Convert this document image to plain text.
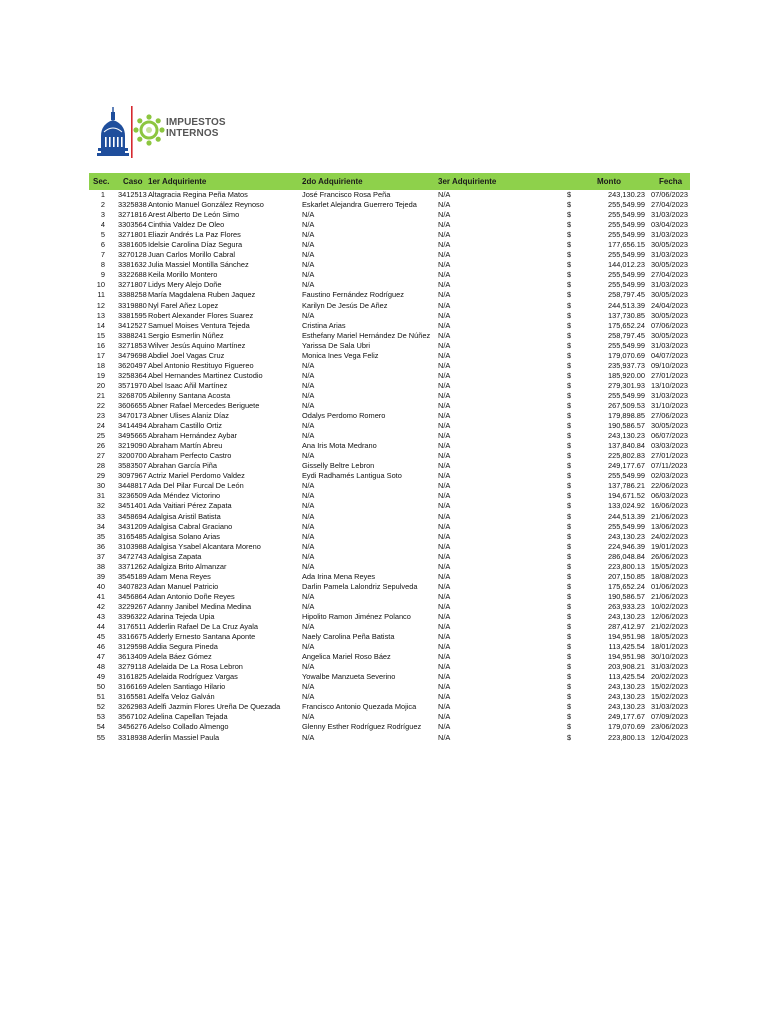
IMPUESTOS
INTERNOS
Sec. Caso 1er Adquiriente	2do Adquiriente	3er Adquiriente	Monto	Fecha
1 3412513 Altagracia Regina Peña Matos	José Francisco Rosa Peña	N/A	$	243,130.23 07/06/2023
2 3325838 Antonio Manuel González Reynoso	Eskarlet Alejandra Guerrero Tejeda	N/A	$	255,549.99 27/04/2023
3 3271816 Arest Alberto De León Simo	N/A	N/A	$	255,549.99 31/03/2023
4 3303564 Cinthia Valdez De Oleo	N/A	N/A	$	255,549.99 03/04/2023
5 3271801 Eliazir Andrés La Paz Flores	N/A	N/A	$	255,549.99 31/03/2023
6 3381605 Idelsie Carolina Díaz Segura	N/A	N/A	$	177,656.15 30/05/2023
7 3270128 Juan Carlos Morillo Cabral	N/A	N/A	$	255,549.99 31/03/2023
8 3381632 Julia Massiel Montilla Sánchez	N/A	N/A	$	144,012.23 30/05/2023
9 3322688 Keila Morillo Montero	N/A	N/A	$	255,549.99 27/04/2023
10 3271807 Lidys Mery Alejo Doñe	N/A	N/A	$	255,549.99 31/03/2023
11 3388258 María Magdalena Ruben Jaquez	Faustino Fernández Rodríguez	N/A	$	258,797.45 30/05/2023
12 3319880 Nyl Farel Añez Lopez	Karilyn De Jesús De Añez	N/A	$	244,513.39 24/04/2023
13 3381595 Robert Alexander Flores Suarez	N/A	N/A	$	137,730.85 30/05/2023
14 3412527 Samuel Moises Ventura Tejeda	Cristina Arias	N/A	$	175,652.24 07/06/2023
15 3388241 Sergio Esmerlin Núñez	Esthefany Mariel Hernández De Núñez	N/A	$	258,797.45 30/05/2023
16 3271853 Wilver Jesús Aquino Martínez	Yarissa De Sala Ubri	N/A	$	255,549.99 31/03/2023
17 3479698 Abdiel Joel Vagas Cruz	Monica Ines Vega Feliz	N/A	$	179,070.69 04/07/2023
18 3620497 Abel Antonio Restituyo Figuereo	N/A	N/A	$	235,937.73 09/10/2023
19 3258364 Abel Hernandes Martinez Custodio	N/A	N/A	$	185,920.00 27/01/2023
20 3571970 Abel Isaac Añil Martínez	N/A	N/A	$	279,301.93 13/10/2023
21 3268705 Abilenny Santana Acosta	N/A	N/A	$	255,549.99 31/03/2023
22 3606655 Abner Rafael Mercedes Beriguete	N/A	N/A	$	267,509.53 31/10/2023
23 3470173 Abner Ulises Alaniz Díaz	Odalys Perdomo Romero	N/A	$	179,898.85 27/06/2023
24 3414494 Abraham Castillo Ortiz	N/A	N/A	$	190,586.57 30/05/2023
25 3495665 Abraham Hernández Aybar	N/A	N/A	$	243,130.23 06/07/2023
26 3219090 Abraham Martín Abreu	Ana Iris Mota Medrano	N/A	$	137,840.84 03/03/2023
27 3200700 Abraham Perfecto Castro	N/A	N/A	$	225,802.83 27/01/2023
28 3583507 Abrahan García Piña	Gisselly Beltre Lebron	N/A	$	249,177.67 07/11/2023
29 3097967 Actriz Mariel Perdomo Valdez	Eydi Radhamés Lantigua Soto	N/A	$	255,549.99 02/03/2023
30 3448817 Ada Del Pilar Furcal De León	N/A	N/A	$	137,786.21 22/06/2023
31 3236509 Ada Méndez Victorino	N/A	N/A	$	194,671.52 06/03/2023
32 3451401 Ada Vaitiari Pérez Zapata	N/A	N/A	$	133,024.92 16/06/2023
33 3458694 Adalgisa Aristil Batista	N/A	N/A	$	244,513.39 21/06/2023
34 3431209 Adalgisa Cabral Graciano	N/A	N/A	$	255,549.99 13/06/2023
35 3165485 Adalgisa Solano Arias	N/A	N/A	$	243,130.23 24/02/2023
36 3103988 Adalgisa Ysabel Alcantara Moreno	N/A	N/A	$	224,946.39 19/01/2023
37 3472743 Adalgisa Zapata	N/A	N/A	$	286,048.84 26/06/2023
38 3371262 Adalgiza Brito Almanzar	N/A	N/A	$	223,800.13 15/05/2023
39 3545189 Adam Mena Reyes	Ada Irina Mena Reyes	N/A	$	207,150.85 18/08/2023
40 3407823 Adan Manuel Patricio	Darlin Pamela Lalondriz Sepulveda	N/A	$	175,652.24 01/06/2023
41 3456864 Adan Antonio Doñe Reyes	N/A	N/A	$	190,586.57 21/06/2023
42 3229267 Adanny Janibel Medina Medina	N/A	N/A	$	263,933.23 10/02/2023
43 3396322 Adarina Tejeda Upia	Hipolito Ramon Jiménez Polanco	N/A	$	243,130.23 12/06/2023
44 3176511 Adderlin Rafael De La Cruz Ayala	N/A	N/A	$	287,412.97 21/02/2023
45 3316675 Adderly Ernesto Santana Aponte	Naely Carolina Peña Batista	N/A	$	194,951.98 18/05/2023
46 3129598 Addia Segura Pineda	N/A	N/A	$	113,425.54 18/01/2023
47 3613409 Adela Báez Gómez	Angelica Mariel Roso Báez	N/A	$	194,951.98 30/10/2023
48 3279118 Adelaida De La Rosa Lebron	N/A	N/A	$	203,908.21 31/03/2023
49 3161825 Adelaida Rodríguez Vargas	Yowalbe Manzueta Severino	N/A	$	113,425.54 20/02/2023
50 3166169 Adelen Santiago Hilario	N/A	N/A	$	243,130.23 15/02/2023
51 3165581 Adelfa Veloz Galván	N/A	N/A	$	243,130.23 15/02/2023
52 3262983 Adelfi Jazmin Flores Ureña De Quezada	Francisco Antonio Quezada Mojica	N/A	$	243,130.23 31/03/2023
53 3567102 Adelina Capellan Tejada	N/A	N/A	$	249,177.67 07/09/2023
54 3456276 Adelso Collado Almengo	Glenny Esther Rodríguez Rodríguez	N/A	$	179,070.69 23/06/2023
55 3318938 Aderlin Massiel Paula	N/A	N/A	$	223,800.13 12/04/2023
